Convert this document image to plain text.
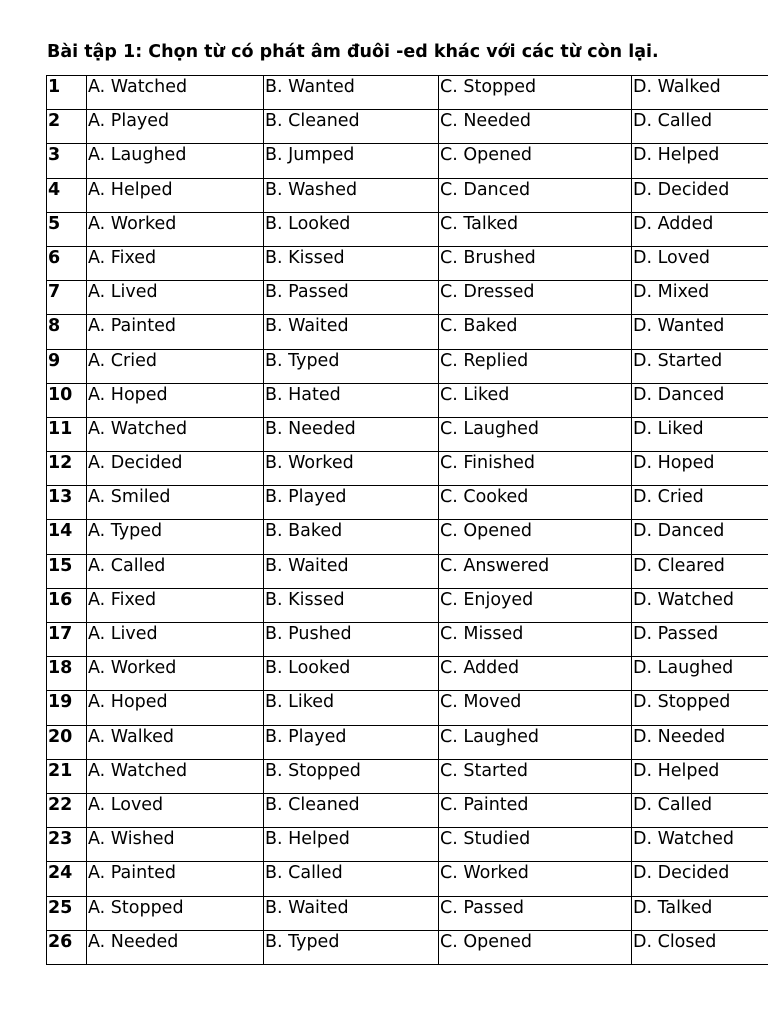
Bài tập 1: Chọn từ có phát âm đuôi -ed khác với các từ còn lại.
1	A. Watched	B. Wanted	C. Stopped	D. Walked
2	A. Played	B. Cleaned	C. Needed	D. Called
3	A. Laughed	B. Jumped	C. Opened	D. Helped
4	A. Helped	B. Washed	C. Danced	D. Decided
5	A. Worked	B. Looked	C. Talked	D. Added
6	A. Fixed	B. Kissed	C. Brushed	D. Loved
7	A. Lived	B. Passed	C. Dressed	D. Mixed
8	A. Painted	B. Waited	C. Baked	D. Wanted
9	A. Cried	B. Typed	C. Replied	D. Started
10	A. Hoped	B. Hated	C. Liked	D. Danced
11	A. Watched	B. Needed	C. Laughed	D. Liked
12	A. Decided	B. Worked	C. Finished	D. Hoped
13	A. Smiled	B. Played	C. Cooked	D. Cried
14	A. Typed	B. Baked	C. Opened	D. Danced
15	A. Called	B. Waited	C. Answered	D. Cleared
16	A. Fixed	B. Kissed	C. Enjoyed	D. Watched
17	A. Lived	B. Pushed	C. Missed	D. Passed
18	A. Worked	B. Looked	C. Added	D. Laughed
19	A. Hoped	B. Liked	C. Moved	D. Stopped
20	A. Walked	B. Played	C. Laughed	D. Needed
21	A. Watched	B. Stopped	C. Started	D. Helped
22	A. Loved	B. Cleaned	C. Painted	D. Called
23	A. Wished	B. Helped	C. Studied	D. Watched
24	A. Painted	B. Called	C. Worked	D. Decided
25	A. Stopped	B. Waited	C. Passed	D. Talked
26	A. Needed	B. Typed	C. Opened	D. Closed
